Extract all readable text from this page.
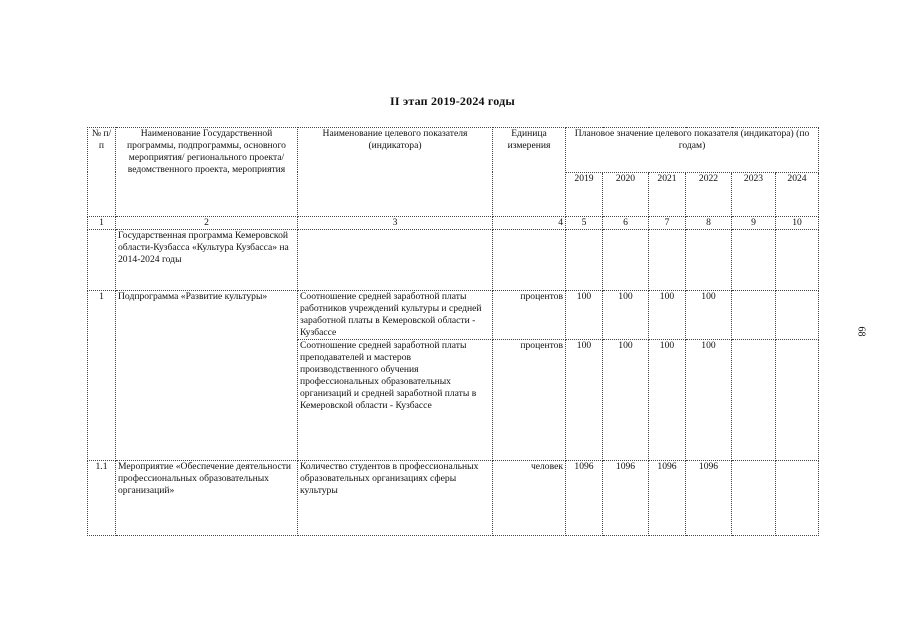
II этап 2019-2024 годы
68
№ п/п	Наименование Государственной программы, подпрограммы, основного мероприятия/ регионального проекта/ведомственного проекта, мероприятия	Наименование целевого показателя (индикатора)	Единица измерения	Плановое значение целевого показателя (индикатора) (по годам)					
				2019	2020	2021	2022	2023	2024
1	2	3	4	5	6	7	8	9	10
	Государственная программа Кемеровской области-Кузбасса «Культура Кузбасса» на 2014-2024 годы								
1	Подпрограмма «Развитие культуры»	Соотношение средней заработной платы работников учреждений культуры и средней заработной платы в Кемеровской области - Кузбассе	процентов	100	100	100	100		
		Соотношение средней заработной платы преподавателей и мастеров производственного обучения профессиональных образовательных организаций и средней заработной платы в Кемеровской области - Кузбассе	процентов	100	100	100	100		
1.1	Мероприятие «Обеспечение деятельности профессиональных образовательных организаций»	Количество студентов в профессиональных образовательных организациях сферы культуры	человек	1096	1096	1096	1096		
